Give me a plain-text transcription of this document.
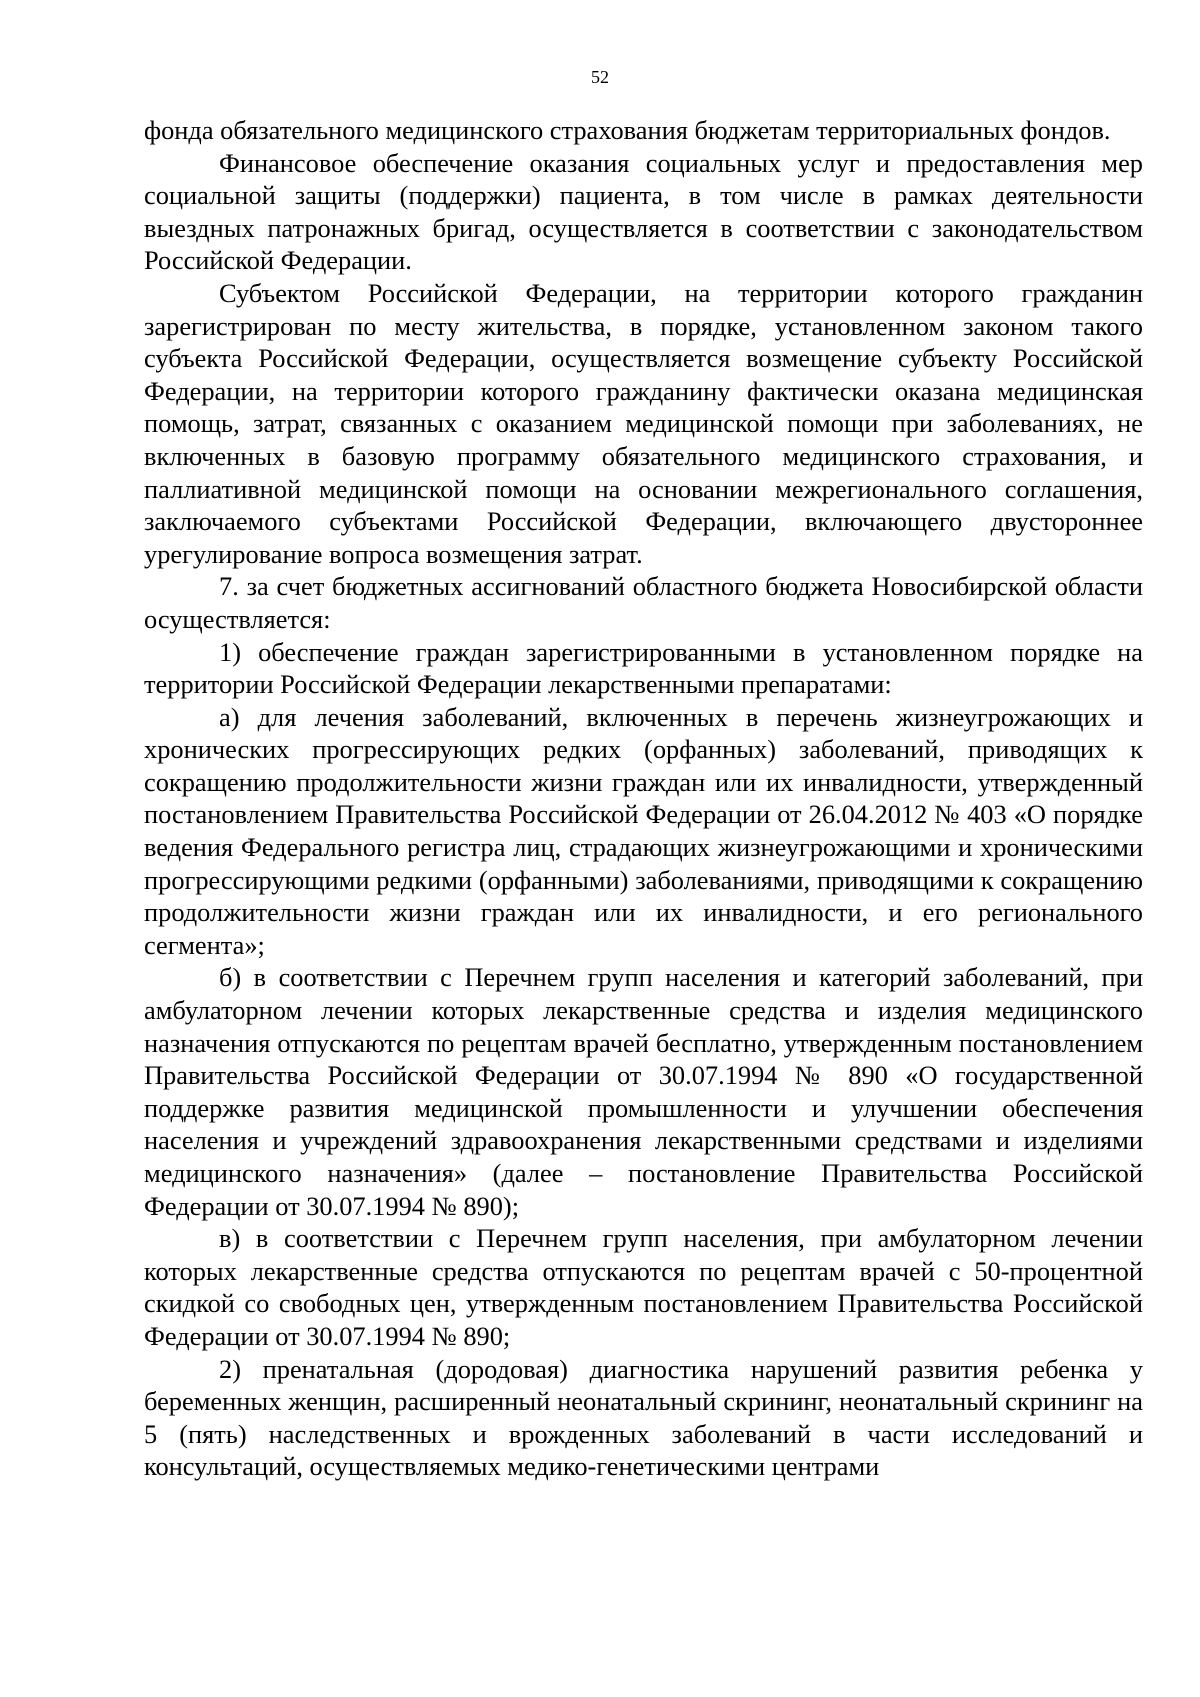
52

фонда обязательного медицинского страхования бюджетам территориальных фондов.

Финансовое обеспечение оказания социальных услуг и предоставления мер социальной защиты (поддержки) пациента, в том числе в рамках деятельности выездных патронажных бригад, осуществляется в соответствии с законодательством Российской Федерации.

Субъектом Российской Федерации, на территории которого гражданин зарегистрирован по месту жительства, в порядке, установленном законом такого субъекта Российской Федерации, осуществляется возмещение субъекту Российской Федерации, на территории которого гражданину фактически оказана медицинская помощь, затрат, связанных с оказанием медицинской помощи при заболеваниях, не включенных в базовую программу обязательного медицинского страхования, и паллиативной медицинской помощи на основании межрегионального соглашения, заключаемого субъектами Российской Федерации, включающего двустороннее урегулирование вопроса возмещения затрат.

7. за счет бюджетных ассигнований областного бюджета Новосибирской области осуществляется:

1) обеспечение граждан зарегистрированными в установленном порядке на территории Российской Федерации лекарственными препаратами:

а) для лечения заболеваний, включенных в перечень жизнеугрожающих и хронических прогрессирующих редких (орфанных) заболеваний, приводящих к сокращению продолжительности жизни граждан или их инвалидности, утвержденный постановлением Правительства Российской Федерации от 26.04.2012 № 403 «О порядке ведения Федерального регистра лиц, страдающих жизнеугрожающими и хроническими прогрессирующими редкими (орфанными) заболеваниями, приводящими к сокращению продолжительности жизни граждан или их инвалидности, и его регионального сегмента»;

б) в соответствии с Перечнем групп населения и категорий заболеваний, при амбулаторном лечении которых лекарственные средства и изделия медицинского назначения отпускаются по рецептам врачей бесплатно, утвержденным постановлением Правительства Российской Федерации от 30.07.1994 № 890 «О государственной поддержке развития медицинской промышленности и улучшении обеспечения населения и учреждений здравоохранения лекарственными средствами и изделиями медицинского назначения» (далее – постановление Правительства Российской Федерации от 30.07.1994 № 890);

в) в соответствии с Перечнем групп населения, при амбулаторном лечении которых лекарственные средства отпускаются по рецептам врачей с 50-процентной скидкой со свободных цен, утвержденным постановлением Правительства Российской Федерации от 30.07.1994 № 890;

2) пренатальная (дородовая) диагностика нарушений развития ребенка у беременных женщин, расширенный неонатальный скрининг, неонатальный скрининг на 5 (пять) наследственных и врожденных заболеваний в части исследований и консультаций, осуществляемых медико-генетическими центрами
